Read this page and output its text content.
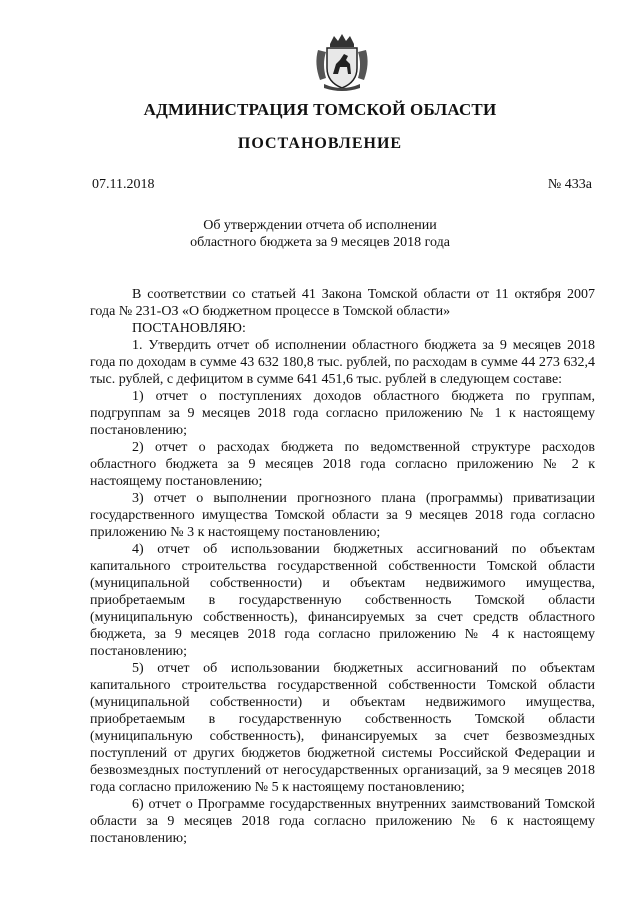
АДМИНИСТРАЦИЯ ТОМСКОЙ ОБЛАСТИ
ПОСТАНОВЛЕНИЕ
07.11.2018	№ 433а
Об утверждении отчета об исполнении
областного бюджета за 9 месяцев 2018 года

В соответствии со статьей 41 Закона Томской области от 11 октября 2007 года № 231-ОЗ «О бюджетном процессе в Томской области»

ПОСТАНОВЛЯЮ:

1. Утвердить отчет об исполнении областного бюджета за 9 месяцев 2018 года по доходам в сумме 43 632 180,8 тыс. рублей, по расходам в сумме 44 273 632,4 тыс. рублей, с дефицитом в сумме 641 451,6 тыс. рублей в следующем составе:

1) отчет о поступлениях доходов областного бюджета по группам, подгруппам за 9 месяцев 2018 года согласно приложению № 1 к настоящему постановлению;

2) отчет о расходах бюджета по ведомственной структуре расходов областного бюджета за 9 месяцев 2018 года согласно приложению № 2 к настоящему постановлению;

3) отчет о выполнении прогнозного плана (программы) приватизации государственного имущества Томской области за 9 месяцев 2018 года согласно приложению № 3 к настоящему постановлению;

4) отчет об использовании бюджетных ассигнований по объектам капитального строительства государственной собственности Томской области (муниципальной собственности) и объектам недвижимого имущества, приобретаемым в государственную собственность Томской области (муниципальную собственность), финансируемых за счет средств областного бюджета, за 9 месяцев 2018 года согласно приложению № 4 к настоящему постановлению;

5) отчет об использовании бюджетных ассигнований по объектам капитального строительства государственной собственности Томской области (муниципальной собственности) и объектам недвижимого имущества, приобретаемым в государственную собственность Томской области (муниципальную собственность), финансируемых за счет безвозмездных поступлений от других бюджетов бюджетной системы Российской Федерации и безвозмездных поступлений от негосударственных организаций, за 9 месяцев 2018 года согласно приложению № 5 к настоящему постановлению;

6) отчет о Программе государственных внутренних заимствований Томской области за 9 месяцев 2018 года согласно приложению № 6 к настоящему постановлению;
